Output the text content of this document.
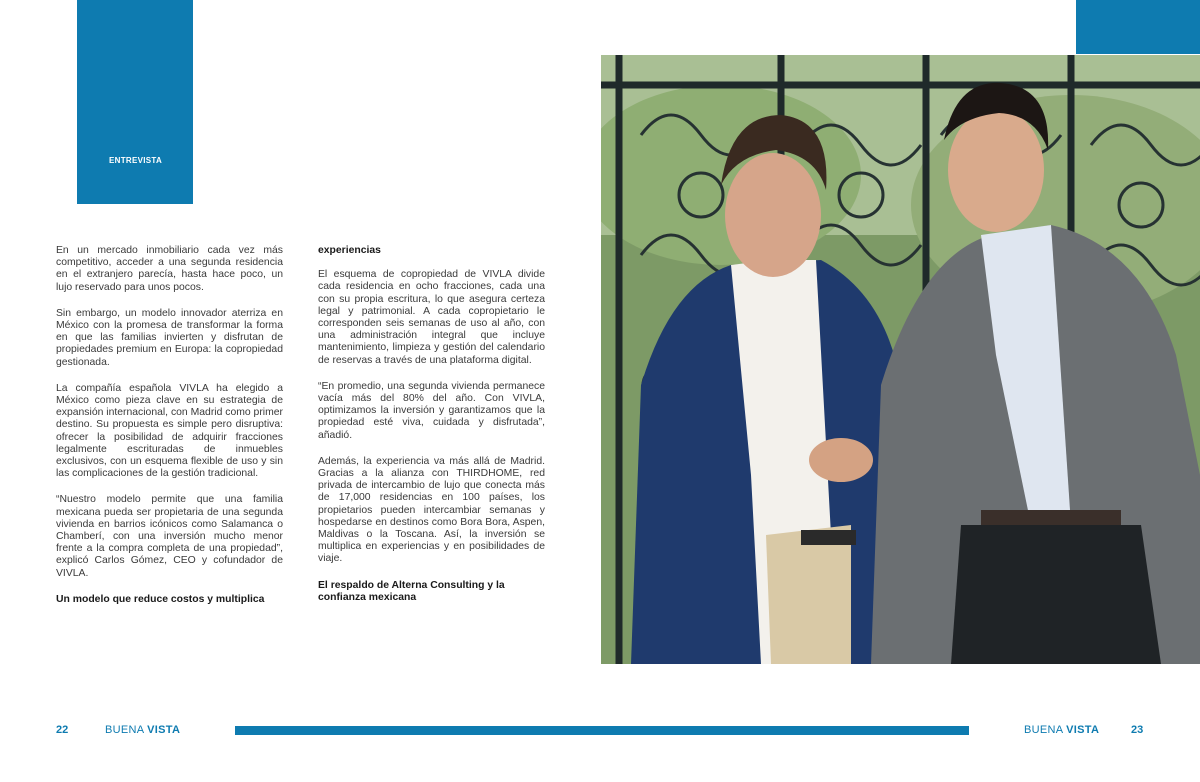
ENTREVISTA

En un mercado inmobiliario cada vez más competitivo, acceder a una segunda residencia en el extranjero parecía, hasta hace poco, un lujo reservado para unos pocos.

Sin embargo, un modelo innovador aterriza en México con la promesa de transformar la forma en que las familias invierten y disfrutan de propiedades premium en Europa: la copropiedad gestionada.

La compañía española VIVLA ha elegido a México como pieza clave en su estrategia de expansión internacional, con Madrid como primer destino. Su propuesta es simple pero disruptiva: ofrecer la posibilidad de adquirir fracciones legalmente escrituradas de inmuebles exclusivos, con un esquema flexible de uso y sin las complicaciones de la gestión tradicional.

“Nuestro modelo permite que una familia mexicana pueda ser propietaria de una segunda vivienda en barrios icónicos como Salamanca o Chamberí, con una inversión mucho menor frente a la compra completa de una propiedad”, explicó Carlos Gómez, CEO y cofundador de VIVLA.

Un modelo que reduce costos y multiplica

experiencias

El esquema de copropiedad de VIVLA divide cada residencia en ocho fracciones, cada una con su propia escritura, lo que asegura certeza legal y patrimonial. A cada copropietario le corresponden seis semanas de uso al año, con una administración integral que incluye mantenimiento, limpieza y gestión del calendario de reservas a través de una plataforma digital.

“En promedio, una segunda vivienda permanece vacía más del 80% del año. Con VIVLA, optimizamos la inversión y garantizamos que la propiedad esté viva, cuidada y disfrutada”, añadió.

Además, la experiencia va más allá de Madrid. Gracias a la alianza con THIRDHOME, red privada de intercambio de lujo que conecta más de 17,000 residencias en 100 países, los propietarios pueden intercambiar semanas y hospedarse en destinos como Bora Bora, Aspen, Maldivas o la Toscana. Así, la inversión se multiplica en experiencias y en posibilidades de viaje.

El respaldo de Alterna Consulting y la confianza mexicana

22	BUENA VISTA	BUENA VISTA	23
